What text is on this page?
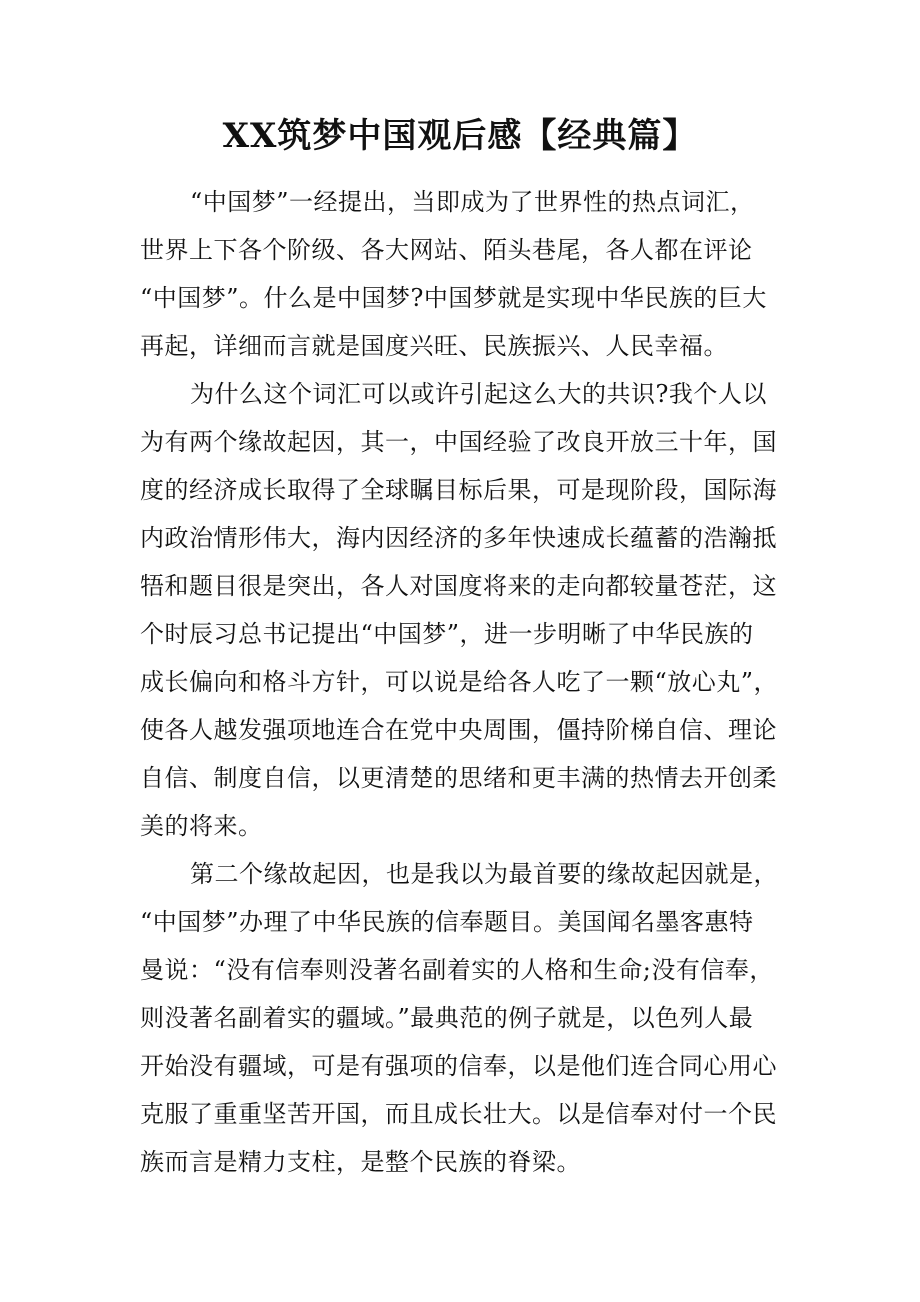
XX筑梦中国观后感【经典篇】
“中国梦”一经提出，当即成为了世界性的热点词汇，
世界上下各个阶级、各大网站、陌头巷尾，各人都在评论
“中国梦”。什么是中国梦?中国梦就是实现中华民族的巨大
再起，详细而言就是国度兴旺、民族振兴、人民幸福。
为什么这个词汇可以或许引起这么大的共识?我个人以
为有两个缘故起因，其一，中国经验了改良开放三十年，国
度的经济成长取得了全球瞩目标后果，可是现阶段，国际海
内政治情形伟大，海内因经济的多年快速成长蕴蓄的浩瀚抵
牾和题目很是突出，各人对国度将来的走向都较量苍茫，这
个时辰习总书记提出“中国梦”，进一步明晰了中华民族的
成长偏向和格斗方针，可以说是给各人吃了一颗“放心丸”，
使各人越发强项地连合在党中央周围，僵持阶梯自信、理论
自信、制度自信，以更清楚的思绪和更丰满的热情去开创柔
美的将来。
第二个缘故起因，也是我以为最首要的缘故起因就是，
“中国梦”办理了中华民族的信奉题目。美国闻名墨客惠特
曼说：“没有信奉则没著名副着实的人格和生命;没有信奉，
则没著名副着实的疆域。”最典范的例子就是，以色列人最
开始没有疆域，可是有强项的信奉，以是他们连合同心用心
克服了重重坚苦开国，而且成长壮大。以是信奉对付一个民
族而言是精力支柱，是整个民族的脊梁。
